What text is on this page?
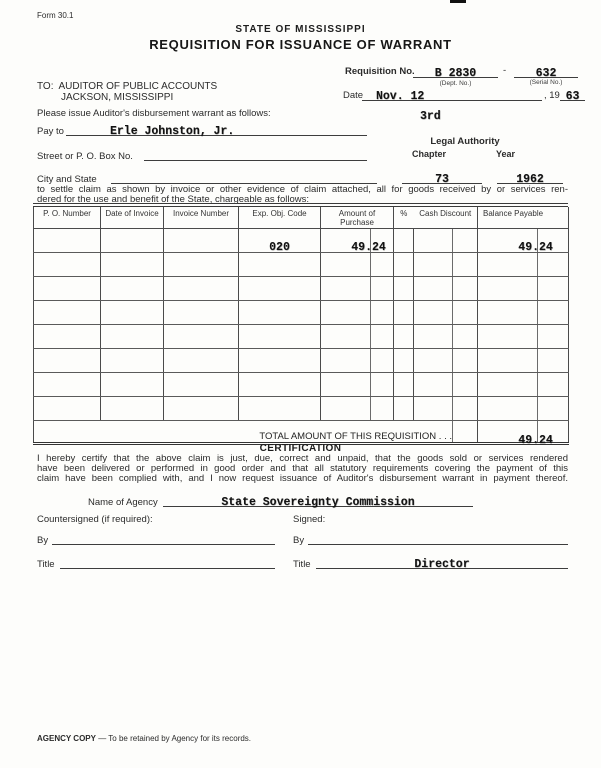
Form 30.1
STATE OF MISSISSIPPI
REQUISITION FOR ISSUANCE OF WARRANT
Requisition No. B 2830	-	632
(Dept. No.)	(Serial No.)
TO:  AUDITOR OF PUBLIC ACCOUNTS
JACKSON, MISSISSIPPI	Date Nov. 12	, 19 63
Please issue Auditor's disbursement warrant as follows:	3rd
Pay to	Erle Johnston, Jr.
Legal Authority
Chapter	Year
Street or P. O. Box No.
City and State	73	1962
to settle claim as shown by invoice or other evidence of claim attached, all for goods received by or services ren-
dered for the use and benefit of the State, chargeable as follows:
P. O. Number	Date of Invoice	Invoice Number	Exp. Obj. Code	Amount of Purchase		%	Cash Discount		Balance Payable	

			020	49.	24				49.	24

TOTAL AMOUNT OF THIS REQUISITION . . .									49.	24
CERTIFICATION
I hereby certify that the above claim is just, due, correct and unpaid, that the goods sold or services rendered
have been delivered or performed in good order and that all statutory requirements covering the payment of this
claim have been complied with, and I now request issuance of Auditor's disbursement warrant in payment thereof.
Name of Agency	State Sovereignty Commission
Countersigned (if required):	Signed:
By	By
Title	Title	Director
AGENCY COPY — To be retained by Agency for its records.
